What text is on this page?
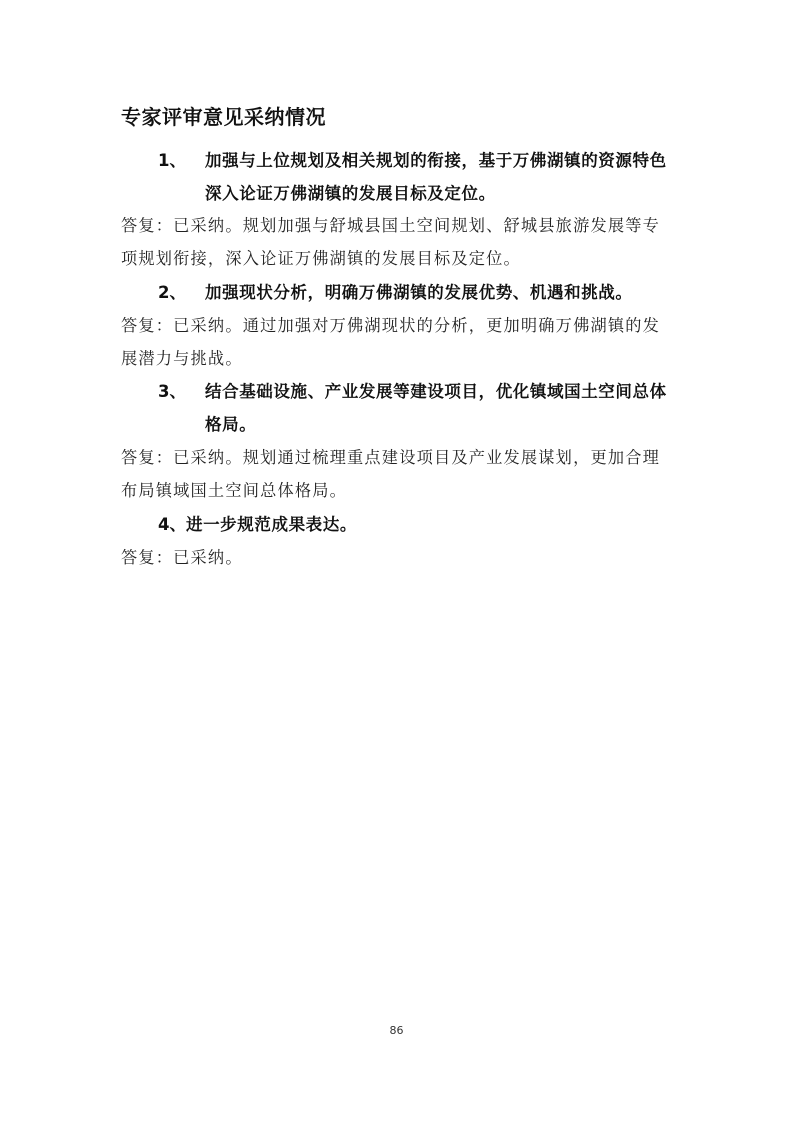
专家评审意见采纳情况
1、 加强与上位规划及相关规划的衔接，基于万佛湖镇的资源特色深入论证万佛湖镇的发展目标及定位。
答复：已采纳。规划加强与舒城县国土空间规划、舒城县旅游发展等专项规划衔接，深入论证万佛湖镇的发展目标及定位。
2、 加强现状分析，明确万佛湖镇的发展优势、机遇和挑战。
答复：已采纳。通过加强对万佛湖现状的分析，更加明确万佛湖镇的发展潜力与挑战。
3、 结合基础设施、产业发展等建设项目，优化镇域国土空间总体格局。
答复：已采纳。规划通过梳理重点建设项目及产业发展谋划，更加合理布局镇域国土空间总体格局。
4、进一步规范成果表达。
答复：已采纳。
86
